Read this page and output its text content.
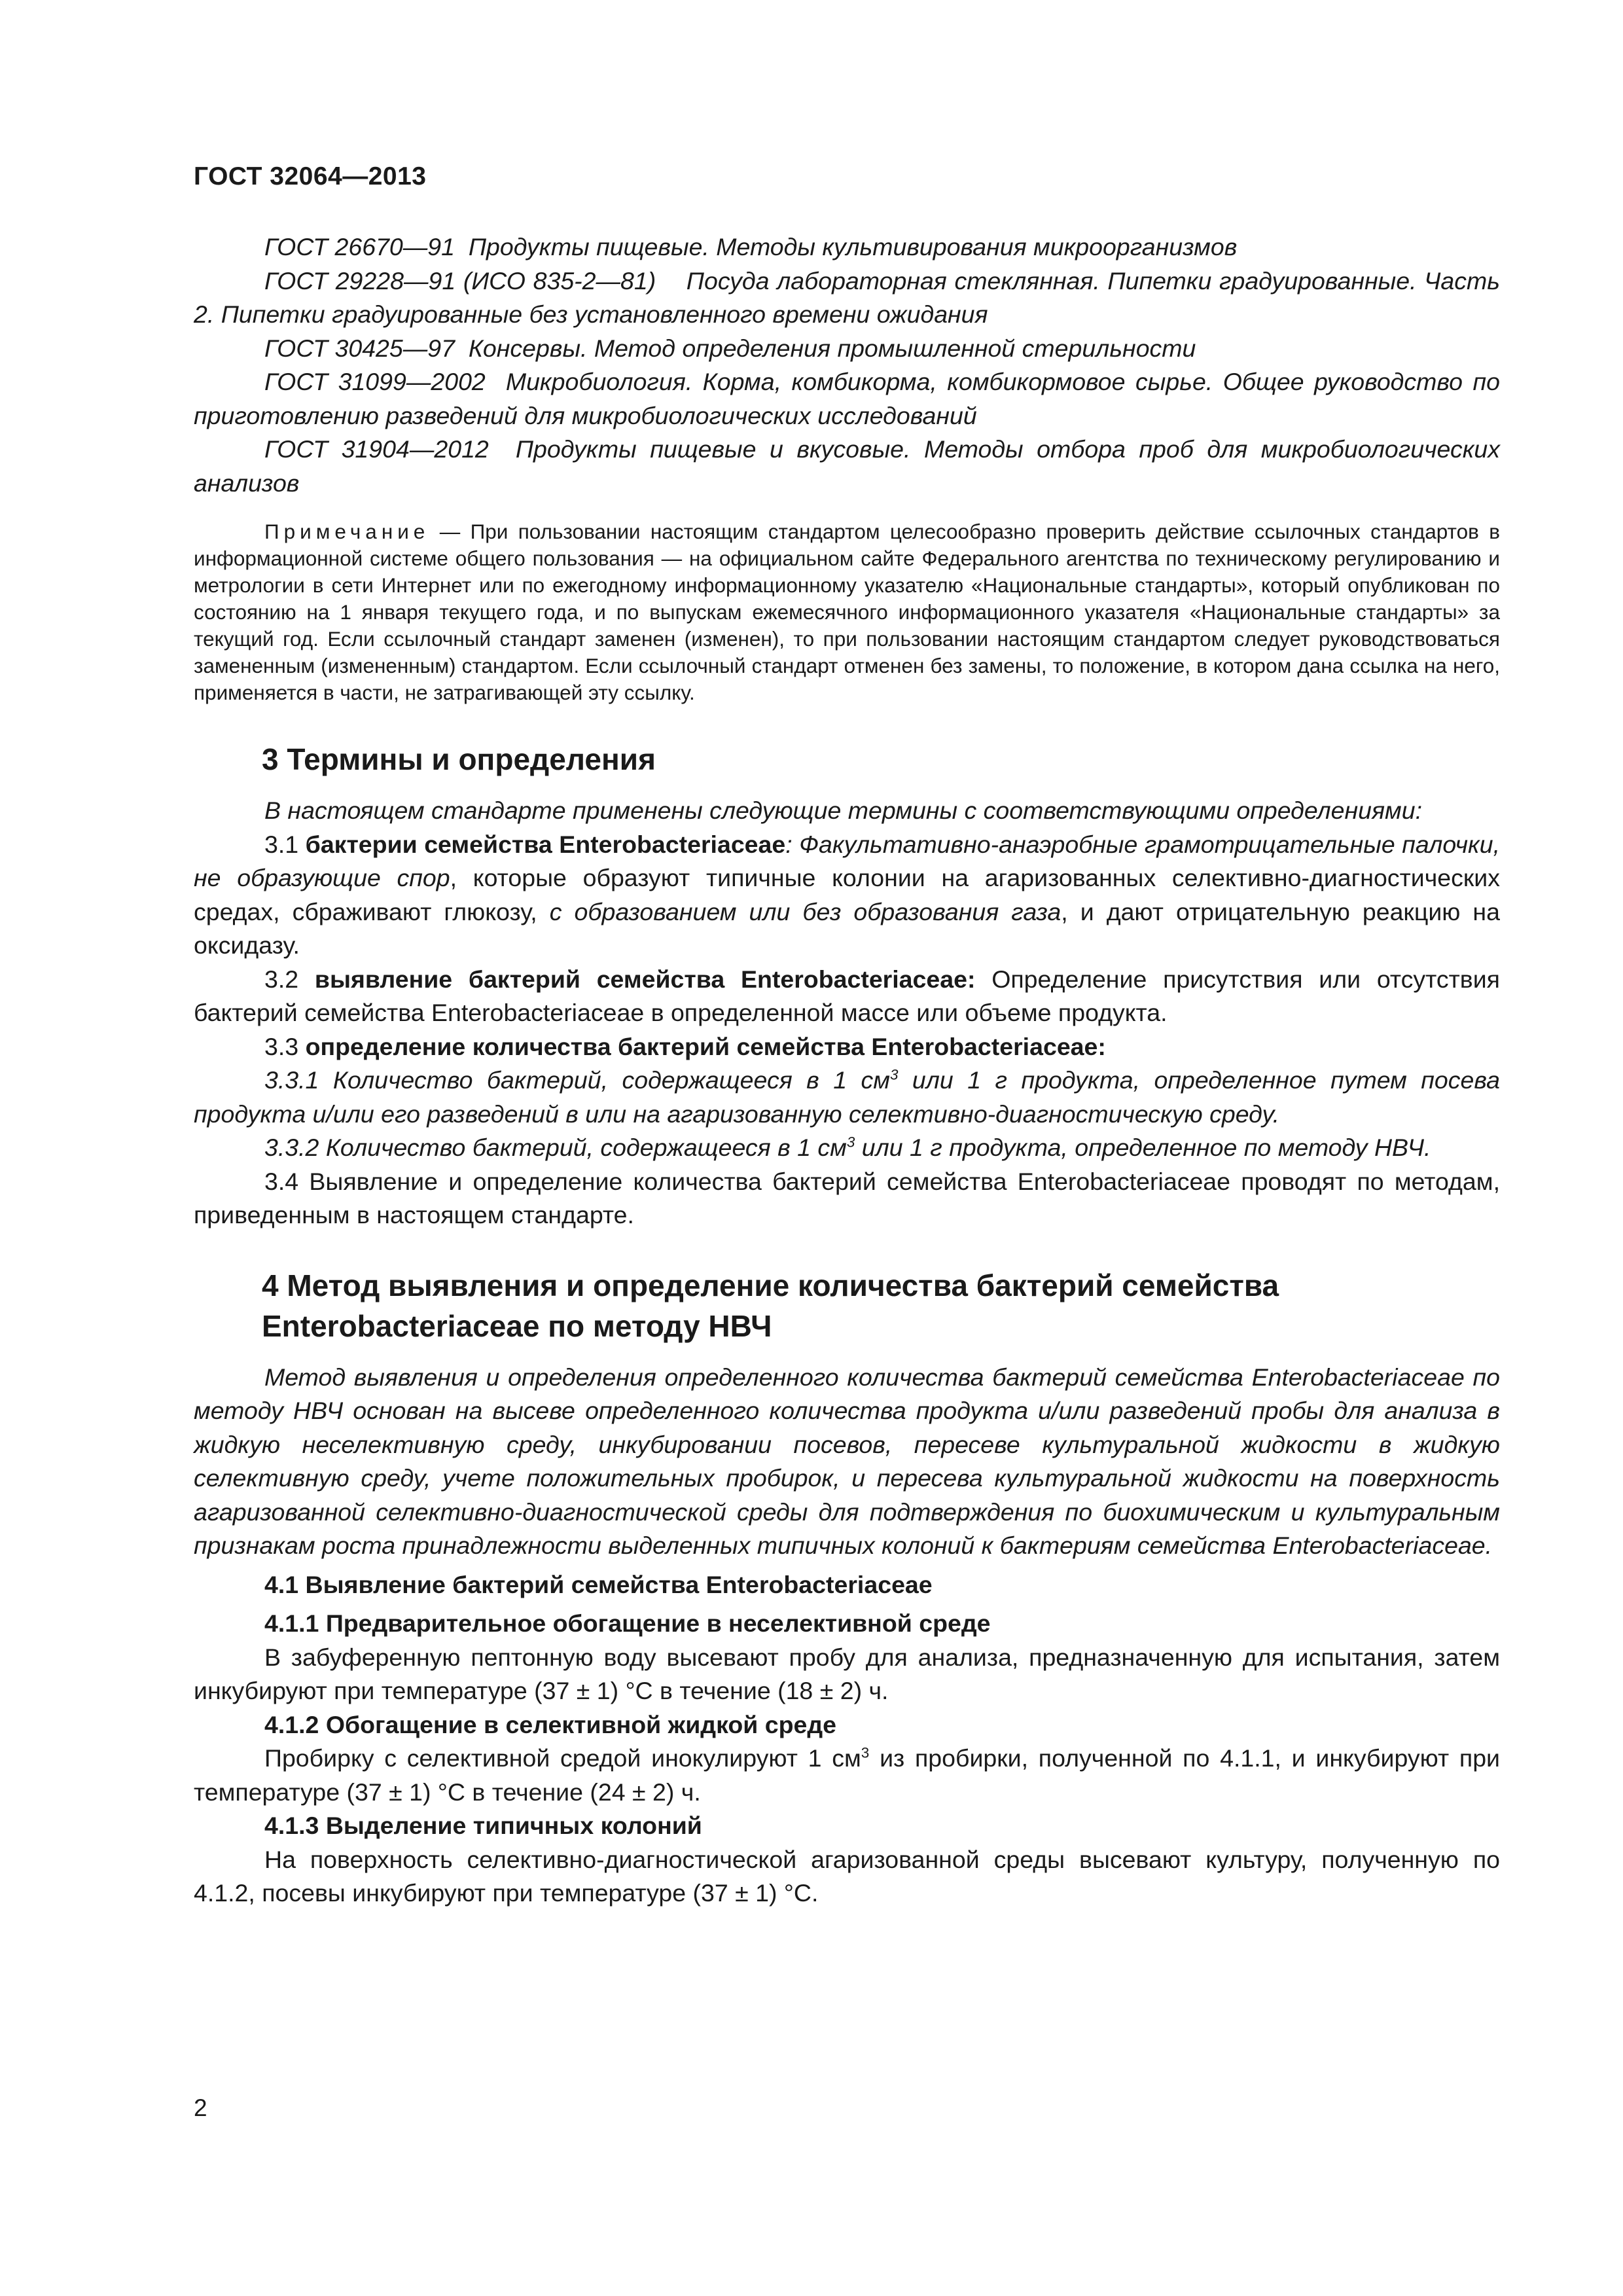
ГОСТ 32064—2013

ГОСТ 26670—91 Продукты пищевые. Методы культивирования микроорганизмов

ГОСТ 29228—91 (ИСО 835-2—81) Посуда лабораторная стеклянная. Пипетки градуированные. Часть 2. Пипетки градуированные без установленного времени ожидания

ГОСТ 30425—97 Консервы. Метод определения промышленной стерильности

ГОСТ 31099—2002 Микробиология. Корма, комбикорма, комбикормовое сырье. Общее руководство по приготовлению разведений для микробиологических исследований

ГОСТ 31904—2012 Продукты пищевые и вкусовые. Методы отбора проб для микробиологических анализов

Примечание — При пользовании настоящим стандартом целесообразно проверить действие ссылочных стандартов в информационной системе общего пользования — на официальном сайте Федерального агентства по техническому регулированию и метрологии в сети Интернет или по ежегодному информационному указателю «Национальные стандарты», который опубликован по состоянию на 1 января текущего года, и по выпускам ежемесячного информационного указателя «Национальные стандарты» за текущий год. Если ссылочный стандарт заменен (изменен), то при пользовании настоящим стандартом следует руководствоваться замененным (измененным) стандартом. Если ссылочный стандарт отменен без замены, то положение, в котором дана ссылка на него, применяется в части, не затрагивающей эту ссылку.

3 Термины и определения

В настоящем стандарте применены следующие термины с соответствующими определениями:

3.1 бактерии семейства Enterobacteriaceae: Факультативно-анаэробные грамотрицательные палочки, не образующие спор, которые образуют типичные колонии на агаризованных селективно-диагностических средах, сбраживают глюкозу, с образованием или без образования газа, и дают отрицательную реакцию на оксидазу.

3.2 выявление бактерий семейства Enterobacteriaceae: Определение присутствия или отсутствия бактерий семейства Enterobacteriaceae в определенной массе или объеме продукта.

3.3 определение количества бактерий семейства Enterobacteriaceae:

3.3.1 Количество бактерий, содержащееся в 1 $см^3$ или 1 г продукта, определенное путем посева продукта и/или его разведений в или на агаризованную селективно-диагностическую среду.

3.3.2 Количество бактерий, содержащееся в 1 $см^3$ или 1 г продукта, определенное по методу НВЧ.

3.4 Выявление и определение количества бактерий семейства Enterobacteriaceae проводят по методам, приведенным в настоящем стандарте.

4 Метод выявления и определение количества бактерий семейства
Enterobacteriaceae по методу НВЧ

Метод выявления и определения определенного количества бактерий семейства Enterobacteriaceae по методу НВЧ основан на высеве определенного количества продукта и/или разведений пробы для анализа в жидкую неселективную среду, инкубировании посевов, пересеве культуральной жидкости в жидкую селективную среду, учете положительных пробирок, и пересева культуральной жидкости на поверхность агаризованной селективно-диагностической среды для подтверждения по биохимическим и культуральным признакам роста принадлежности выделенных типичных колоний к бактериям семейства Enterobacteriaceae.

4.1 Выявление бактерий семейства Enterobacteriaceae

4.1.1 Предварительное обогащение в неселективной среде

В забуференную пептонную воду высевают пробу для анализа, предназначенную для испытания, затем инкубируют при температуре (37 ± 1) °С в течение (18 ± 2) ч.

4.1.2 Обогащение в селективной жидкой среде

Пробирку с селективной средой инокулируют 1 $см^3$ из пробирки, полученной по 4.1.1, и инкубируют при температуре (37 ± 1) °С в течение (24 ± 2) ч.

4.1.3 Выделение типичных колоний

На поверхность селективно-диагностической агаризованной среды высевают культуру, полученную по 4.1.2, посевы инкубируют при температуре (37 ± 1) °С.

2
